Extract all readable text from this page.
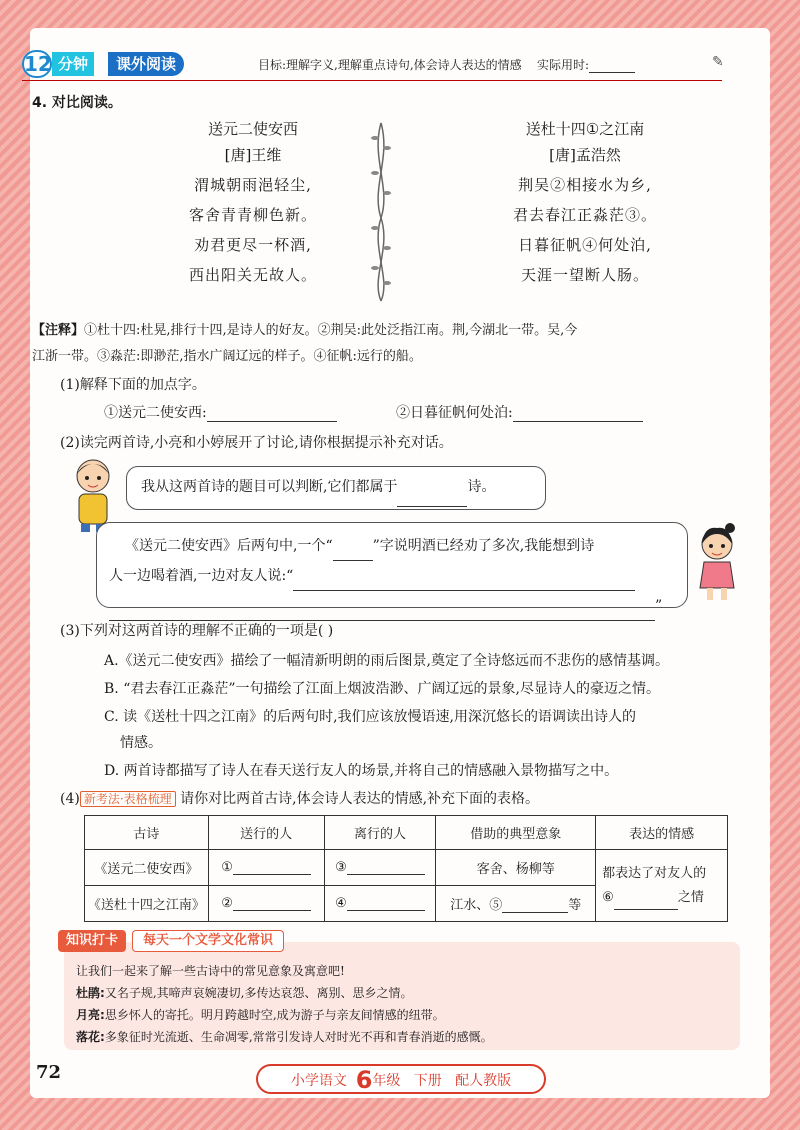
12 分钟	课外阅读	目标:理解字义,理解重点诗句,体会诗人表达的情感 实际用时:	✎
4. 对比阅读。
送元二使安西
[唐]王维
渭城朝雨浥轻尘,
客舍青青柳色新。
劝君更尽一杯酒,
西出阳关无故人。
送杜十四①之江南
[唐]孟浩然
荆吴②相接水为乡,
君去春江正淼茫③。
日暮征帆④何处泊,
天涯一望断人肠。
【注释】①杜十四:杜晃,排行十四,是诗人的好友。②荆吴:此处泛指江南。荆,今湖北一带。吴,今
江浙一带。③淼茫:即渺茫,指水广阔辽远的样子。④征帆:远行的船。
(1)解释下面的加点字。
①送元二使安西:	②日暮征帆何处泊:
(2)读完两首诗,小亮和小婷展开了讨论,请你根据提示补充对话。
我从这两首诗的题目可以判断,它们都属于	诗。
《送元二使安西》后两句中,一个“	”字说明酒已经劝了多次,我能想到诗
人一边喝着酒,一边对友人说:“
”
(3)下列对这两首诗的理解不正确的一项是( )
A.《送元二使安西》描绘了一幅清新明朗的雨后图景,奠定了全诗悠远而不悲伤的感情基调。
B. “君去春江正淼茫”一句描绘了江面上烟波浩渺、广阔辽远的景象,尽显诗人的豪迈之情。
C. 读《送杜十四之江南》的后两句时,我们应该放慢语速,用深沉悠长的语调读出诗人的
情感。
D. 两首诗都描写了诗人在春天送行友人的场景,并将自己的情感融入景物描写之中。
(4) 新考法·表格梳理 请你对比两首古诗,体会诗人表达的情感,补充下面的表格。
古诗	送行的人	离行的人	借助的典型意象	表达的情感
《送元二使安西》	①	③	客舍、杨柳等	都表达了对友人的
⑥ 之情

《送杜十四之江南》	②	④	江水、⑤ 等	
知识打卡	每天一个文学文化常识
让我们一起来了解一些古诗中的常见意象及寓意吧!
杜鹃:又名子规,其啼声哀婉凄切,多传达哀怨、离别、思乡之情。
月亮:思乡怀人的寄托。明月跨越时空,成为游子与亲友间情感的纽带。
落花:多象征时光流逝、生命凋零,常常引发诗人对时光不再和青春消逝的感慨。
72	小学语文 6年级 下册 配人教版
